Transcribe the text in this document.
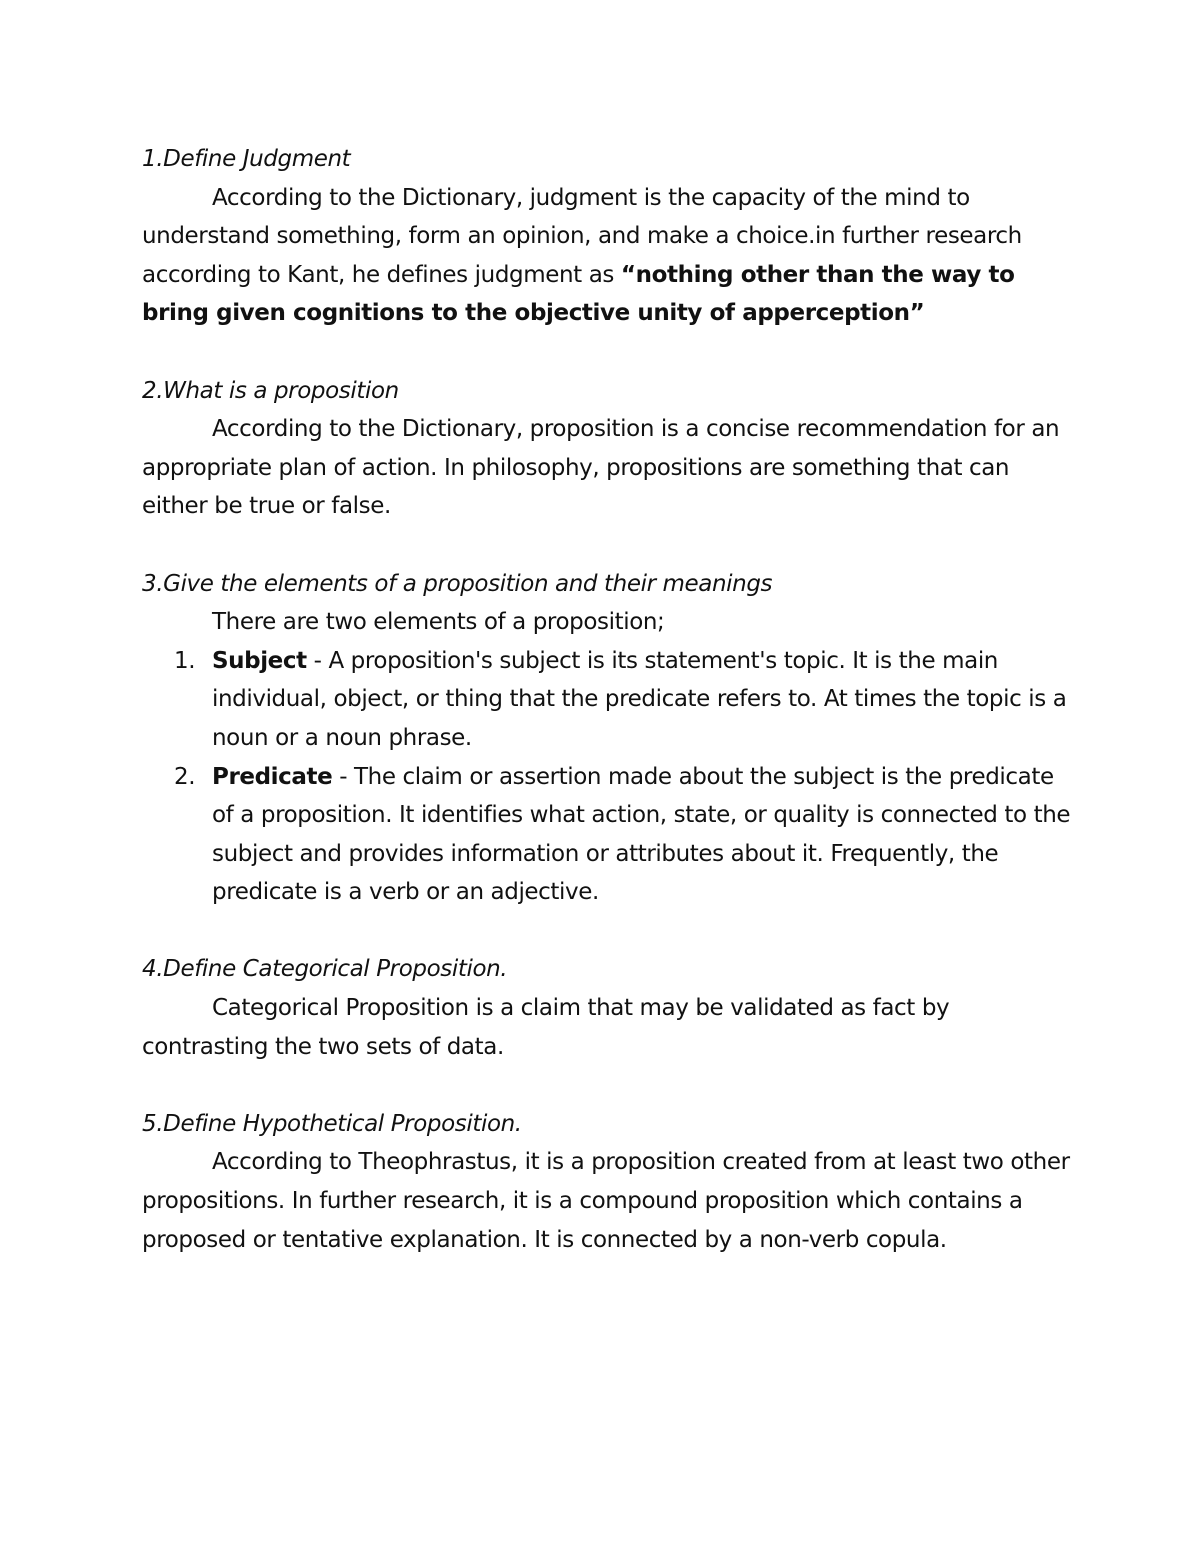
1.Define Judgment

According to the Dictionary, judgment is the capacity of the mind to understand something, form an opinion, and make a choice.in further research according to Kant, he defines judgment as “nothing other than the way to bring given cognitions to the objective unity of apperception”

2.What is a proposition

According to the Dictionary, proposition is a concise recommendation for an appropriate plan of action. In philosophy, propositions are something that can either be true or false.

3.Give the elements of a proposition and their meanings

There are two elements of a proposition;

1. Subject - A proposition's subject is its statement's topic. It is the main individual, object, or thing that the predicate refers to. At times the topic is a noun or a noun phrase.
2. Predicate - The claim or assertion made about the subject is the predicate of a proposition. It identifies what action, state, or quality is connected to the subject and provides information or attributes about it. Frequently, the predicate is a verb or an adjective.

4.Define Categorical Proposition.

Categorical Proposition is a claim that may be validated as fact by contrasting the two sets of data.

5.Define Hypothetical Proposition.

According to Theophrastus, it is a proposition created from at least two other propositions. In further research, it is a compound proposition which contains a proposed or tentative explanation. It is connected by a non-verb copula.
